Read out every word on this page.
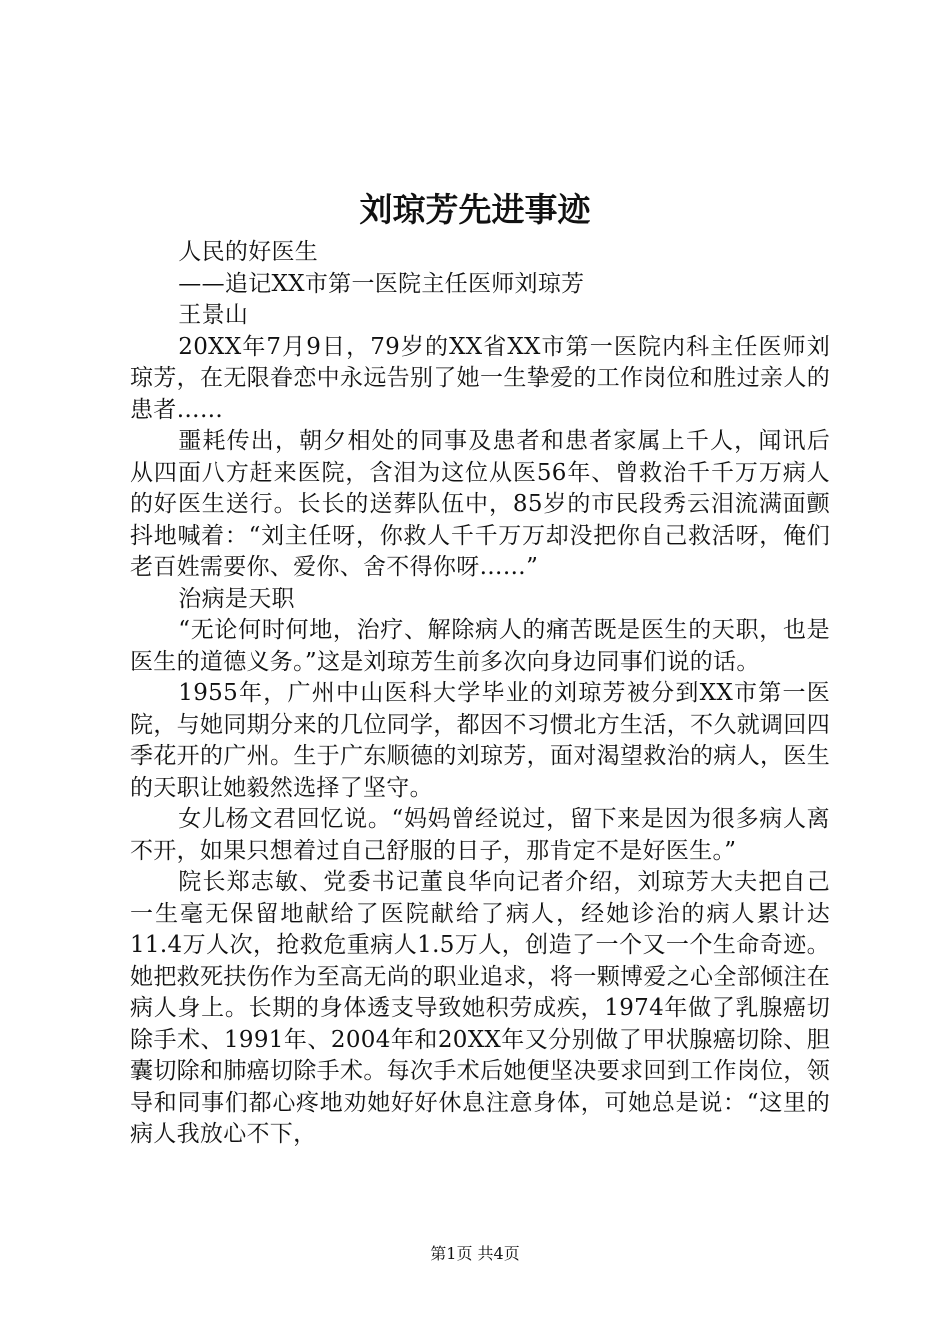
刘琼芳先进事迹

人民的好医生

——追记XX市第一医院主任医师刘琼芳

王景山

20XX年7月9日，79岁的XX省XX市第一医院内科主任医师刘琼芳，在无限眷恋中永远告别了她一生挚爱的工作岗位和胜过亲人的患者……

噩耗传出，朝夕相处的同事及患者和患者家属上千人，闻讯后从四面八方赶来医院，含泪为这位从医56年、曾救治千千万万病人的好医生送行。长长的送葬队伍中，85岁的市民段秀云泪流满面颤抖地喊着：“刘主任呀，你救人千千万万却没把你自己救活呀，俺们老百姓需要你、爱你、舍不得你呀……”

治病是天职

“无论何时何地，治疗、解除病人的痛苦既是医生的天职，也是医生的道德义务。”这是刘琼芳生前多次向身边同事们说的话。

1955年，广州中山医科大学毕业的刘琼芳被分到XX市第一医院，与她同期分来的几位同学，都因不习惯北方生活，不久就调回四季花开的广州。生于广东顺德的刘琼芳，面对渴望救治的病人，医生的天职让她毅然选择了坚守。

女儿杨文君回忆说。“妈妈曾经说过，留下来是因为很多病人离不开，如果只想着过自己舒服的日子，那肯定不是好医生。”

院长郑志敏、党委书记董良华向记者介绍，刘琼芳大夫把自己一生毫无保留地献给了医院献给了病人，经她诊治的病人累计达11.4万人次，抢救危重病人1.5万人，创造了一个又一个生命奇迹。她把救死扶伤作为至高无尚的职业追求，将一颗博爱之心全部倾注在病人身上。长期的身体透支导致她积劳成疾，1974年做了乳腺癌切除手术、1991年、2004年和20XX年又分别做了甲状腺癌切除、胆囊切除和肺癌切除手术。每次手术后她便坚决要求回到工作岗位，领导和同事们都心疼地劝她好好休息注意身体，可她总是说：“这里的病人我放心不下，

第1页 共4页
